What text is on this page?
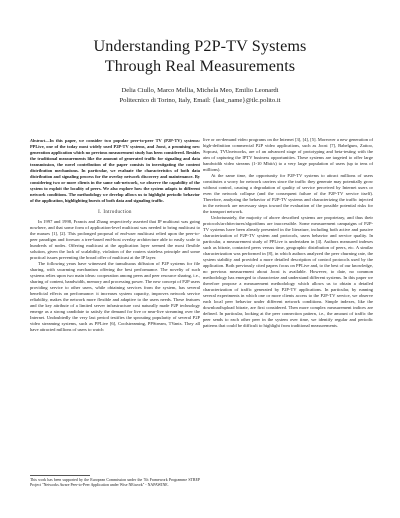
Understanding P2P-TV Systems
Through Real Measurements
Delia Ciullo, Marco Mellia, Michela Meo, Emilio Leonardi
Politecnico di Torino, Italy, Email: {last_name}@tlc.polito.it
Abstract—In this paper, we consider two popular peer-to-peer TV (P2P-TV) systems: PPLive, one of the today most widely used P2P-TV systems, and Joost, a promising new generation application which no previous measurement study has been considered. Besides the traditional measurements like the amount of generated traffic for signaling and data transmission, the novel contribution of the paper consists in investigating the content distribution mechanisms. In particular, we evaluate the characteristics of both data distribution and signaling process for the overlay network discovery and maintenance. By considering two or more clients in the same sub-network, we observe the capability of the system to exploit the locality of peers. We also explore how the system adapts to different network conditions. The methodology we develop allows us to highlight periodic behavior of the application, highlighting bursts of both data and signaling traffic.
I. Introduction

In 1997 and 1998, Francis and Zhang respectively asserted that IP multicast was going nowhere, and that some form of application-level multicast was needed to bring multicast to the masses [1], [2]. This prolonged proposal of end-user multicast relied upon the peer-to-peer paradigm and foresaw a tree-based end-host overlay architecture able to easily scale to hundreds of nodes. Offering multicast at the application layer seemed the most flexible solution, given the lack of scalability, violation of the routers stateless principle and some practical issues preventing the broad offer of multicast at the IP layer.

The following years have witnessed the tumultuous diffusion of P2P systems for file sharing, with swarming mechanism offering the best performance. The novelty of such systems relies upon two main ideas: cooperation among peers and peer resource sharing, i.e., sharing of content, bandwidth, memory and processing power. The new concept of P2P users providing service to other users, while obtaining services from the system, has several beneficial effects on performance: it increases system capacity, improves network service reliability, makes the network more flexible and adaptive to the users needs. These features and the key attribute of a limited server infrastructure cost naturally made P2P technology emerge as a strong candidate to satisfy the demand for live or near-live streaming over the Internet. Undoubtedly the very last period testifies the sprouting popularity of several P2P video streaming systems, such as PPLive [6], Coolstreaming, PPStream, TVants. They all have attracted millions of users to watch

This work has been supported by the European Commission under the 7th Framework Programme STREP Project "Networks Aware Peer-to-Peer Application under Wise NEtwork" - NAPAWINE.

live or on-demand video programs on the Internet [3], [4], [5]. Moreover a new generation of high-definition commercial P2P video applications, such as Joost [7], Babelgum, Zattoo, Sopcast, TVUnetworks, are of an advanced stage of prototyping and beta-testing with the aim of capturing the IPTV business opportunities. These systems are targeted to offer large bandwidth video streams (1-10 Mbit/s) to a very large population of users (up to tens of millions).

At the same time, the opportunity for P2P-TV systems to attract millions of users constitutes a worry for network carriers since the traffic they generate may potentially grow without control, causing a degradation of quality of service perceived by Internet users or even the network collapse (and the consequent failure of the P2P-TV service itself). Therefore, analyzing the behavior of P2P-TV systems and characterizing the traffic injected in the network are necessary steps toward the evaluation of the possible potential risks for the transport network.

Unfortunately, the majority of above described systems are proprietary, and thus their protocols/architectures/algorithms are inaccessible. Some measurement campaigns of P2P-TV systems have been already presented in the literature, including both active and passive characterization of P2P-TV system and protocols, users behavior and service quality. In particular, a measurement study of PPLive is undertaken in [4]. Authors measured indexes such as bitrate, contacted peers versus time, geographic distribution of peers, etc. A similar characterization was performed in [8], in which authors analyzed the peer churning rate, the system stability and provided a more detailed description of control protocols used by the application. Both previously cited papers focus on PPLive and, to the best of our knowledge, no previous measurement about Joost is available. However, to date, no common methodology has emerged to characterize and understand different systems. In this paper we therefore propose a measurement methodology which allows us to obtain a detailed characterization of traffic generated by P2P-TV applications. In particular, by running several experiments in which one or more clients access to the P2P-TV service, we observe each local peer behavior under different network conditions. Simple indexes, like the download/upload bitrate, are first considered. Then more complex measurement indices are defined. In particular, looking at the peer connection pattern, i.e., the amount of traffic the peer sends to each other peer in the system over time, we identify regular and periodic patterns that could be difficult to highlight from traditional measurements.
